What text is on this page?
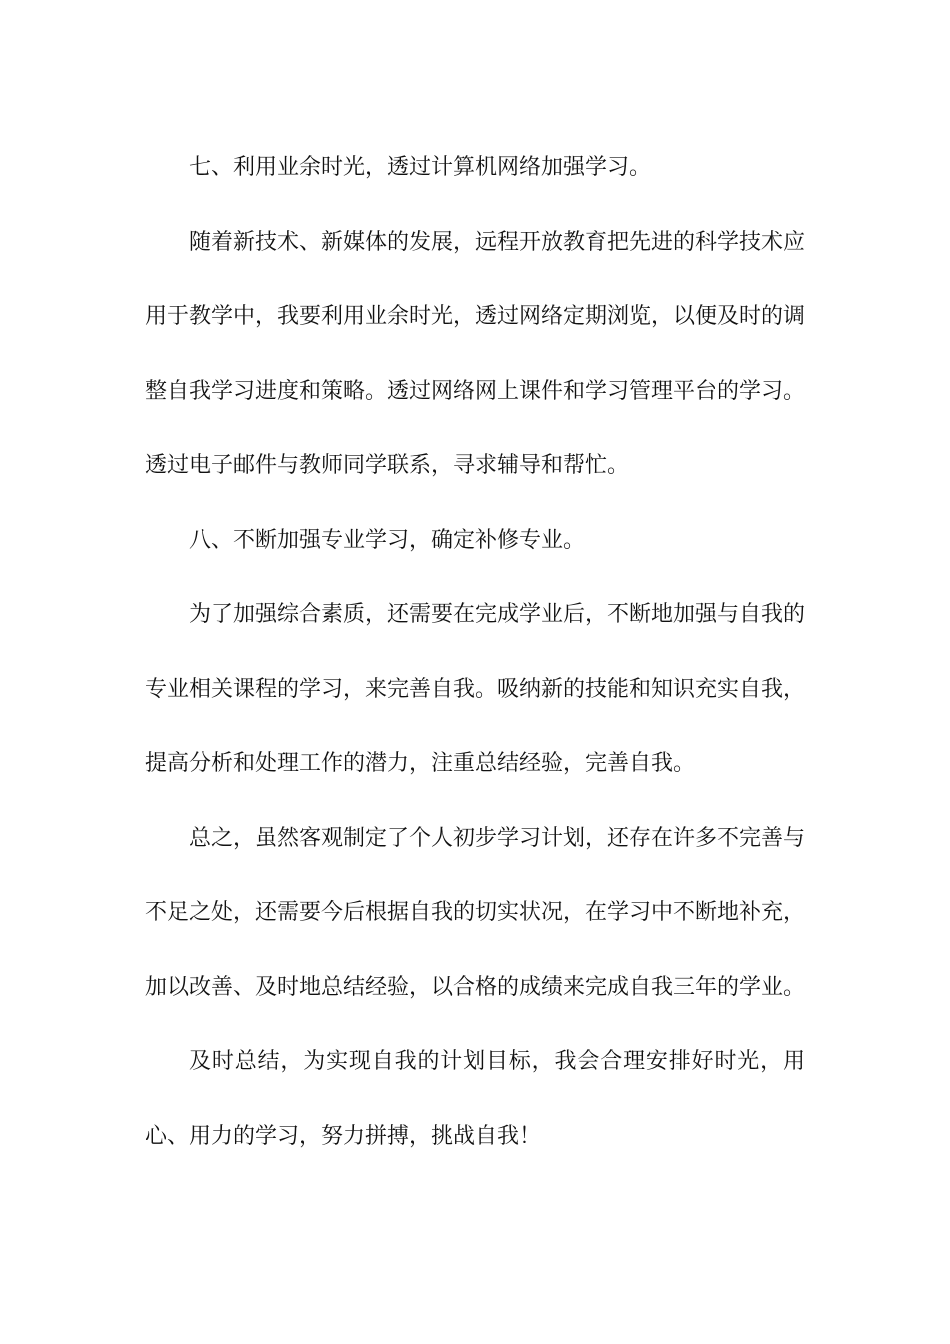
七、利用业余时光，透过计算机网络加强学习。

随着新技术、新媒体的发展，远程开放教育把先进的科学技术应用于教学中，我要利用业余时光，透过网络定期浏览，以便及时的调整自我学习进度和策略。透过网络网上课件和学习管理平台的学习。透过电子邮件与教师同学联系，寻求辅导和帮忙。

八、不断加强专业学习，确定补修专业。

为了加强综合素质，还需要在完成学业后，不断地加强与自我的专业相关课程的学习，来完善自我。吸纳新的技能和知识充实自我，提高分析和处理工作的潜力，注重总结经验，完善自我。

总之，虽然客观制定了个人初步学习计划，还存在许多不完善与不足之处，还需要今后根据自我的切实状况，在学习中不断地补充，加以改善、及时地总结经验，以合格的成绩来完成自我三年的学业。

及时总结，为实现自我的计划目标，我会合理安排好时光，用心、用力的学习，努力拼搏，挑战自我！
